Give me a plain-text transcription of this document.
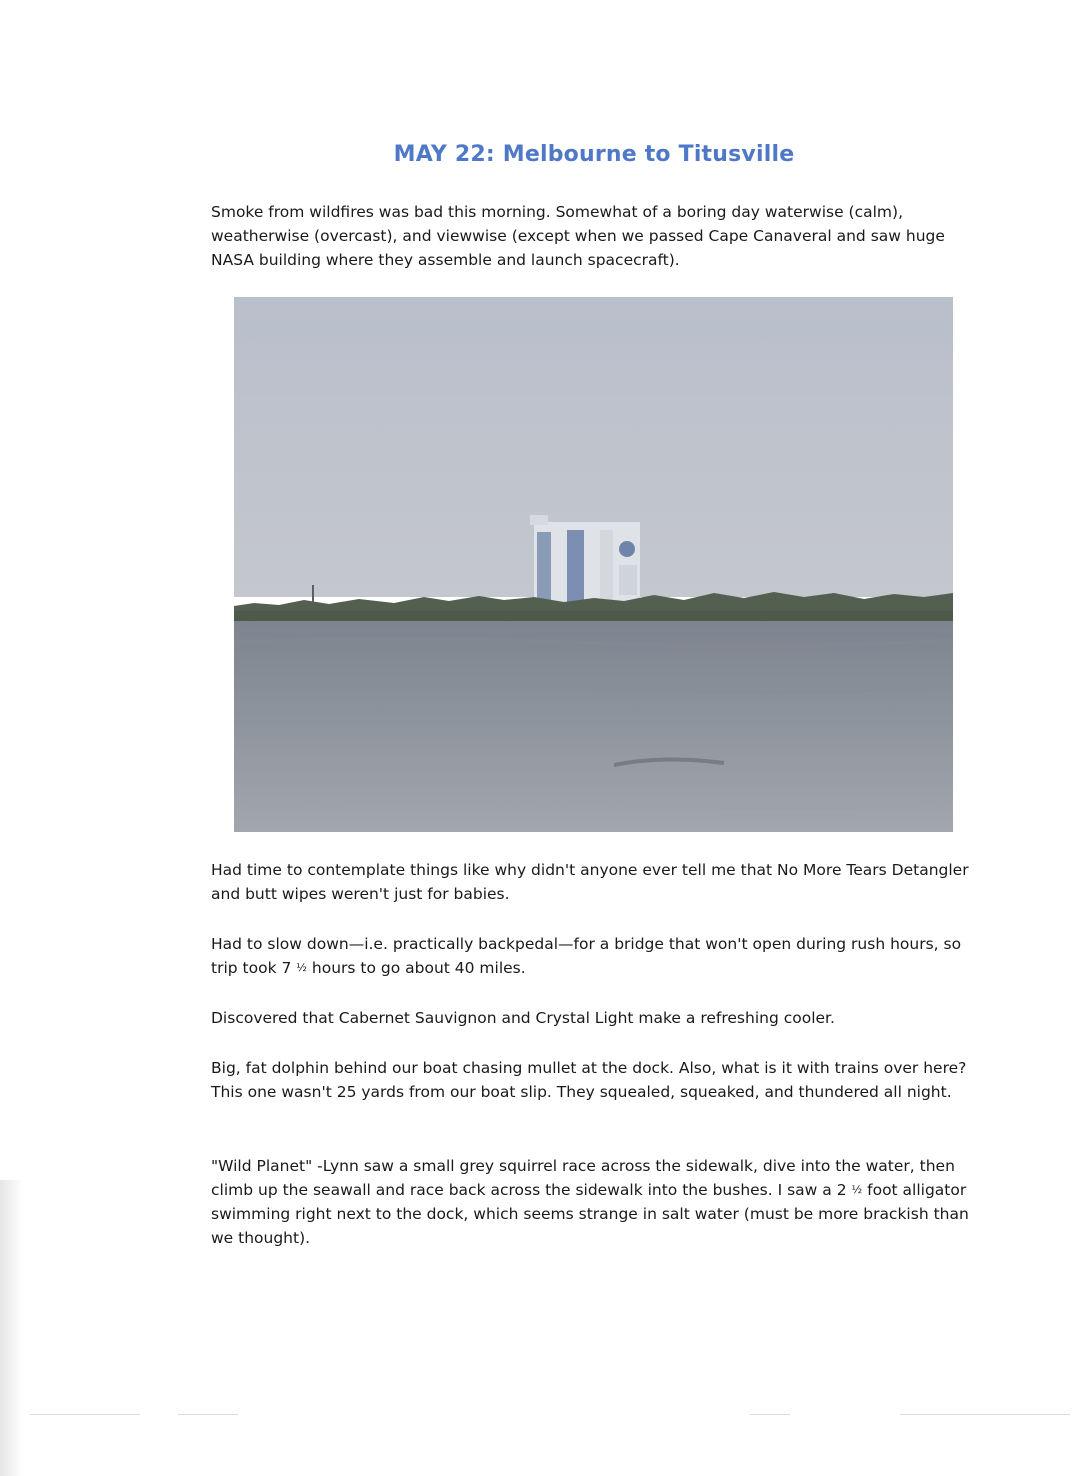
MAY 22: Melbourne to Titusville
Smoke from wildfires was bad this morning. Somewhat of a boring day waterwise (calm), weatherwise (overcast), and viewwise (except when we passed Cape Canaveral and saw huge NASA building where they assemble and launch spacecraft).
Had time to contemplate things like why didn't anyone ever tell me that No More Tears Detangler and butt wipes weren't just for babies.
Had to slow down—i.e. practically backpedal—for a bridge that won't open during rush hours, so trip took 7 ½ hours to go about 40 miles.
Discovered that Cabernet Sauvignon and Crystal Light make a refreshing cooler.
Big, fat dolphin behind our boat chasing mullet at the dock. Also, what is it with trains over here? This one wasn't 25 yards from our boat slip. They squealed, squeaked, and thundered all night.
"Wild Planet" -Lynn saw a small grey squirrel race across the sidewalk, dive into the water, then climb up the seawall and race back across the sidewalk into the bushes. I saw a 2 ½ foot alligator swimming right next to the dock, which seems strange in salt water (must be more brackish than we thought).
